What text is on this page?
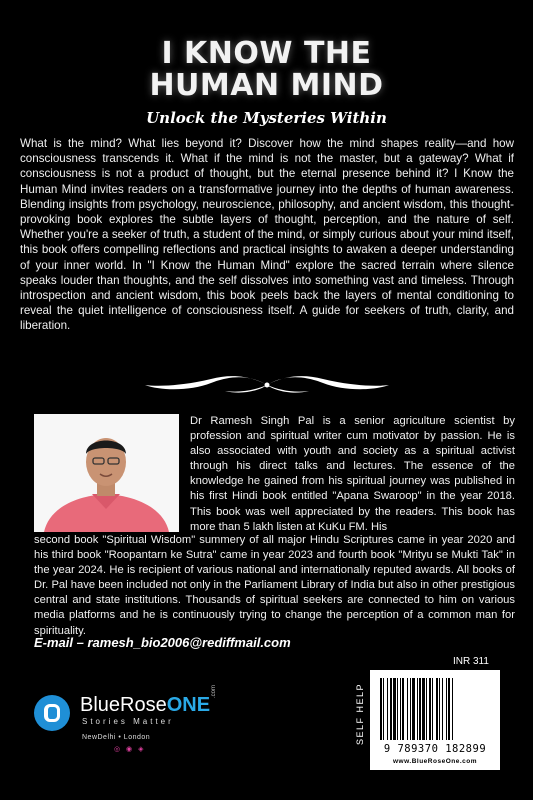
I KNOW THE
HUMAN MIND
Unlock the Mysteries Within

What is the mind? What lies beyond it? Discover how the mind shapes reality—and how consciousness transcends it. What if the mind is not the master, but a gateway? What if consciousness is not a product of thought, but the eternal presence behind it? I Know the Human Mind invites readers on a transformative journey into the depths of human awareness. Blending insights from psychology, neuroscience, philosophy, and ancient wisdom, this thought-provoking book explores the subtle layers of thought, perception, and the nature of self. Whether you're a seeker of truth, a student of the mind, or simply curious about your mind itself, this book offers compelling reflections and practical insights to awaken a deeper understanding of your inner world. In "I Know the Human Mind" explore the sacred terrain where silence speaks louder than thoughts, and the self dissolves into something vast and timeless. Through introspection and ancient wisdom, this book peels back the layers of mental conditioning to reveal the quiet intelligence of consciousness itself. A guide for seekers of truth, clarity, and liberation.

Dr Ramesh Singh Pal is a senior agriculture scientist by profession and spiritual writer cum motivator by passion. He is also associated with youth and society as a spiritual activist through his direct talks and lectures. The essence of the knowledge he gained from his spiritual journey was published in his first Hindi book entitled "Apana Swaroop" in the year 2018. This book was well appreciated by the readers. This book has more than 5 lakh listen at KuKu FM. His

second book "Spiritual Wisdom" summery of all major Hindu Scriptures came in year 2020 and his third book "Roopantarn ke Sutra" came in year 2023 and fourth book "Mrityu se Mukti Tak" in the year 2024. He is recipient of various national and internationally reputed awards. All books of Dr. Pal have been included not only in the Parliament Library of India but also in other prestigious central and state institutions. Thousands of spiritual seekers are connected to him on various media platforms and he is continuously trying to change the perception of a common man for spirituality.

E-mail – ramesh_bio2006@rediffmail.com
BlueRoseONE
.com
Stories Matter
NewDelhi • London
◎ ◉ ◈
INR 311
SELF HELP
9 789370 182899
www.BlueRoseOne.com
